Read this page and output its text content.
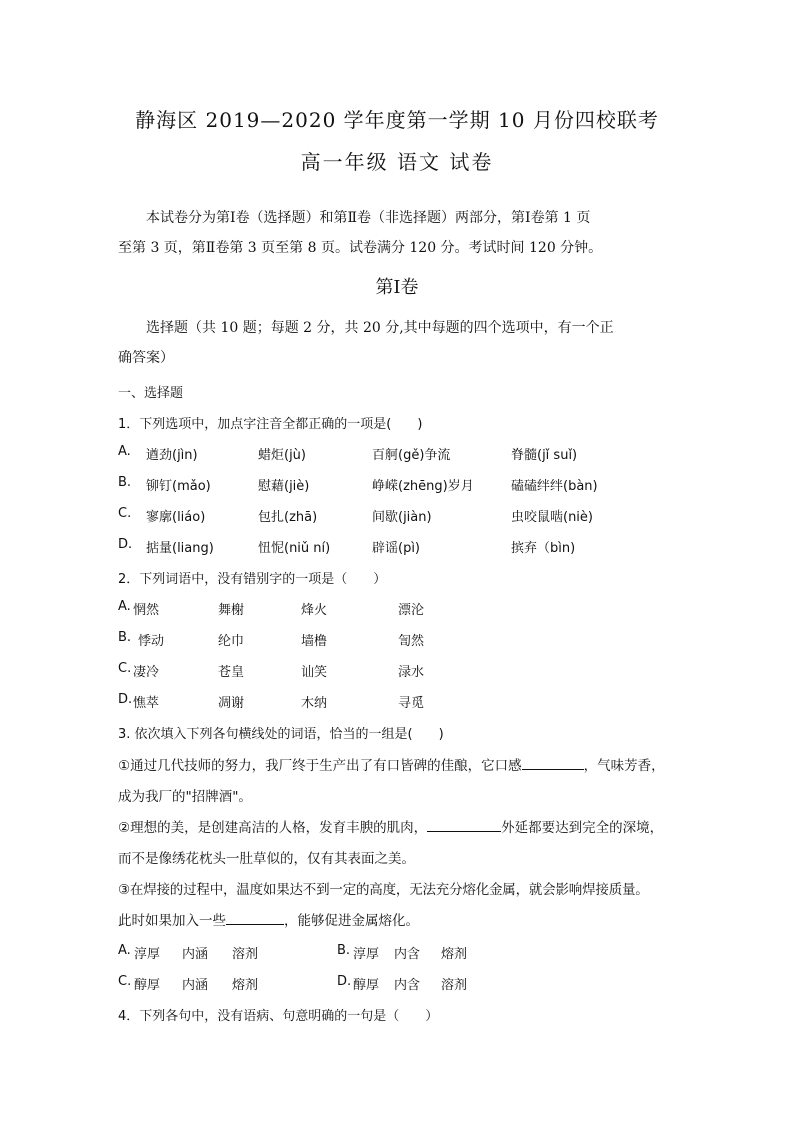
静海区 2019—2020 学年度第一学期 10 月份四校联考
高一年级 语文 试卷

本试卷分为第Ⅰ卷（选择题）和第Ⅱ卷（非选择题）两部分，第Ⅰ卷第 1 页

至第 3 页，第Ⅱ卷第 3 页至第 8 页。试卷满分 120 分。考试时间 120 分钟。

第Ⅰ卷

选择题（共 10 题；每题 2 分，共 20 分,其中每题的四个选项中，有一个正

确答案）

一、选择题
1．下列选项中，加点字注音全都正确的一项是(　　)
A. 遒劲(jìn)	蜡炬(jù)	百舸(gě)争流	脊髓(jǐ suǐ)
B. 铆钉(mǎo)	慰藉(jiè)	峥嵘(zhēng)岁月	磕磕绊绊(bàn)
C. 寥廓(liáo)	包扎(zhā)	间歇(jiàn)	虫咬鼠啮(niè)
D. 掂量(liang)	忸怩(niǔ ní)	辟谣(pì)	摈弃（bìn)
2．下列词语中，没有错别字的一项是（　　）
A. 惘然	舞榭	烽火	漂沦
B. 悸动	纶巾	墙橹	訇然
C. 凄冷	苍皇	讪笑	渌水
D. 憔萃	凋谢	木纳	寻觅
3. 依次填入下列各句横线处的词语，恰当的一组是(　　)

①通过几代技师的努力，我厂终于生产出了有口皆碑的佳酿，它口感	，气味芳香，

成为我厂的"招牌酒"。

②理想的美，是创建高洁的人格，发育丰腴的肌肉，	外延都要达到完全的深境，

而不是像绣花枕头一肚草似的，仅有其表面之美。

③在焊接的过程中，温度如果达不到一定的高度，无法充分熔化金属，就会影响焊接质量。

此时如果加入一些	，能够促进金属熔化。

A. 淳厚 内涵 溶剂	B. 淳厚 内含 熔剂
C. 醇厚 内涵 熔剂	D. 醇厚 内含 溶剂
4．下列各句中，没有语病、句意明确的一句是（　　）
